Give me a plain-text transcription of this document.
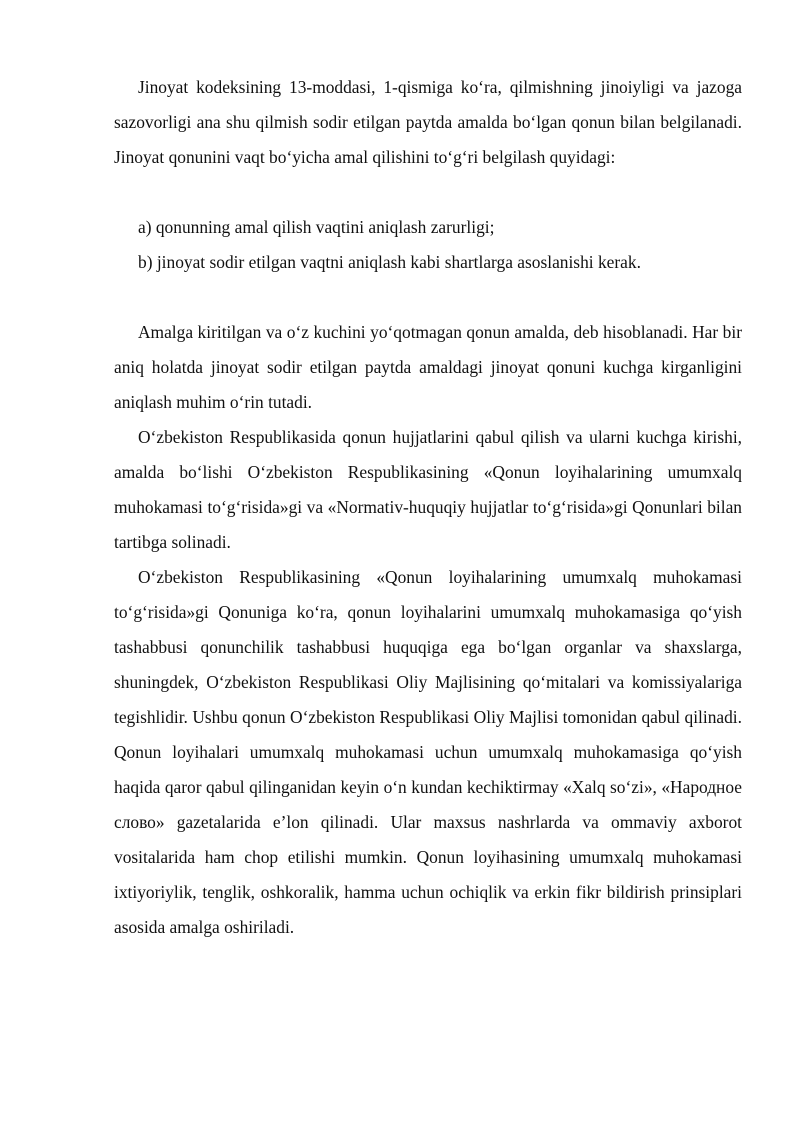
Jinoyat kodeksining 13-moddasi, 1-qismiga ko‘ra, qilmishning jinoiyligi va jazoga sazovorligi ana shu qilmish sodir etilgan paytda amalda bo‘lgan qonun bilan belgilanadi. Jinoyat qonunini vaqt bo‘yicha amal qilishini to‘g‘ri belgilash quyidagi:

a) qonunning amal qilish vaqtini aniqlash zarurligi;

b) jinoyat sodir etilgan vaqtni aniqlash kabi shartlarga asoslanishi kerak.

Amalga kiritilgan va o‘z kuchini yo‘qotmagan qonun amalda, deb hisoblanadi. Har bir aniq holatda jinoyat sodir etilgan paytda amaldagi jinoyat qonuni kuchga kirganligini aniqlash muhim o‘rin tutadi.

O‘zbekiston Respublikasida qonun hujjatlarini qabul qilish va ularni kuchga kirishi, amalda bo‘lishi O‘zbekiston Respublikasining «Qonun loyihalarining umumxalq muhokamasi to‘g‘risida»gi va «Normativ-huquqiy hujjatlar to‘g‘risida»gi Qonunlari bilan tartibga solinadi.

O‘zbekiston Respublikasining «Qonun loyihalarining umumxalq muhokamasi to‘g‘risida»gi Qonuniga ko‘ra, qonun loyihalarini umumxalq muhokamasiga qo‘yish tashabbusi qonunchilik tashabbusi huquqiga ega bo‘lgan organlar va shaxslarga, shuningdek, O‘zbekiston Respublikasi Oliy Majlisining qo‘mitalari va komissiyalariga tegishlidir. Ushbu qonun O‘zbekiston Respublikasi Oliy Majlisi tomonidan qabul qilinadi. Qonun loyihalari umumxalq muhokamasi uchun umumxalq muhokamasiga qo‘yish haqida qaror qabul qilinganidan keyin o‘n kundan kechiktirmay «Xalq so‘zi», «Народное слово» gazetalarida e’lon qilinadi. Ular maxsus nashrlarda va ommaviy axborot vositalarida ham chop etilishi mumkin. Qonun loyihasining umumxalq muhokamasi ixtiyoriylik, tenglik, oshkoralik, hamma uchun ochiqlik va erkin fikr bildirish prinsiplari asosida amalga oshiriladi.
